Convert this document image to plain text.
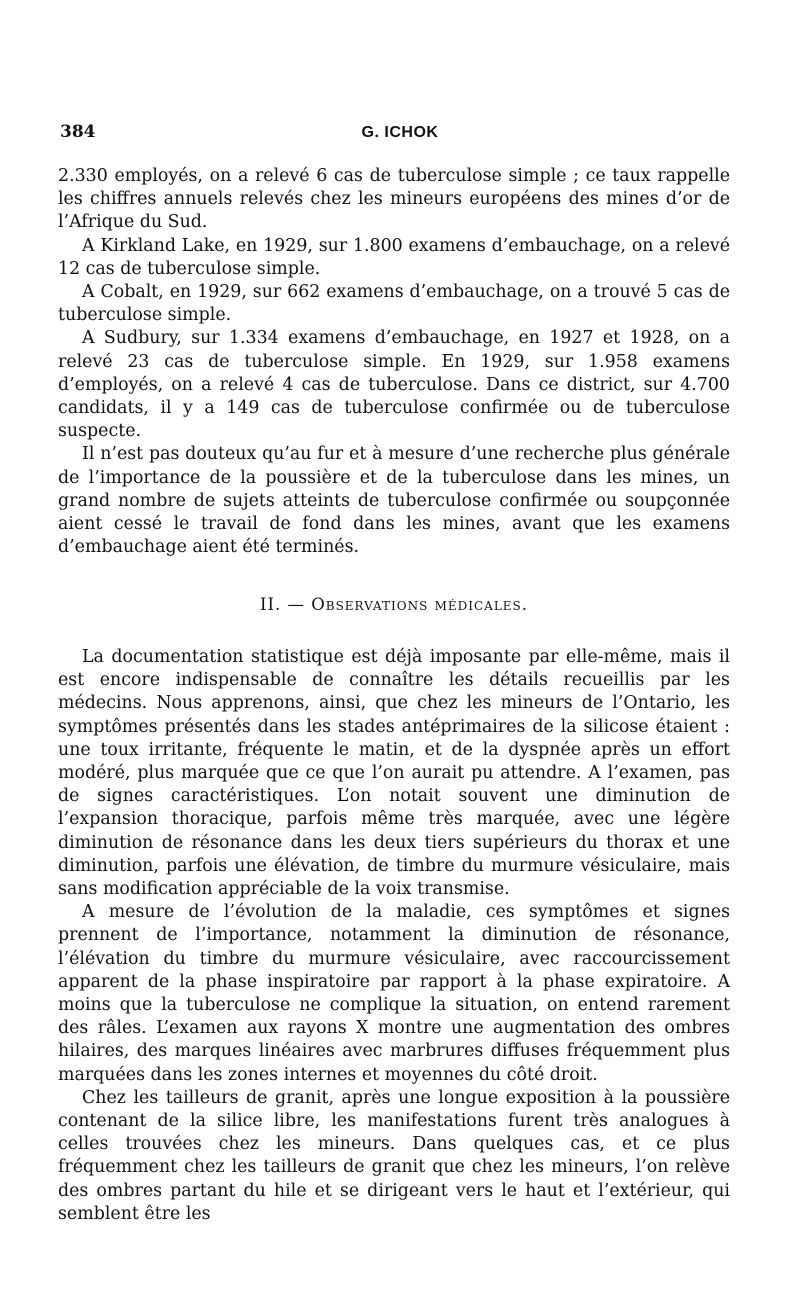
384	G. ICHOK

2.330 employés, on a relevé 6 cas de tuberculose simple ; ce taux rappelle les chiffres annuels relevés chez les mineurs européens des mines d’or de l’Afrique du Sud.

A Kirkland Lake, en 1929, sur 1.800 examens d’embauchage, on a relevé 12 cas de tuberculose simple.

A Cobalt, en 1929, sur 662 examens d’embauchage, on a trouvé 5 cas de tuberculose simple.

A Sudbury, sur 1.334 examens d’embauchage, en 1927 et 1928, on a relevé 23 cas de tuberculose simple. En 1929, sur 1.958 examens d’employés, on a relevé 4 cas de tuberculose. Dans ce district, sur 4.700 candidats, il y a 149 cas de tuberculose confirmée ou de tuberculose suspecte.

Il n’est pas douteux qu’au fur et à mesure d’une recherche plus générale de l’importance de la poussière et de la tuberculose dans les mines, un grand nombre de sujets atteints de tuberculose confirmée ou soupçonnée aient cessé le travail de fond dans les mines, avant que les examens d’embauchage aient été terminés.

II. — Observations médicales.

La documentation statistique est déjà imposante par elle-même, mais il est encore indispensable de connaître les détails recueillis par les médecins. Nous apprenons, ainsi, que chez les mineurs de l’Ontario, les symptômes présentés dans les stades antéprimaires de la silicose étaient : une toux irritante, fréquente le matin, et de la dyspnée après un effort modéré, plus marquée que ce que l’on aurait pu attendre. A l’examen, pas de signes caractéristiques. L’on notait souvent une diminution de l’expansion thoracique, parfois même très marquée, avec une légère diminution de résonance dans les deux tiers supérieurs du thorax et une diminution, parfois une élévation, de timbre du murmure vésiculaire, mais sans modification appréciable de la voix transmise.

A mesure de l’évolution de la maladie, ces symptômes et signes prennent de l’importance, notamment la diminution de résonance, l’élévation du timbre du murmure vésiculaire, avec raccourcissement apparent de la phase inspiratoire par rapport à la phase expiratoire. A moins que la tuberculose ne complique la situation, on entend rarement des râles. L’examen aux rayons X montre une augmentation des ombres hilaires, des marques linéaires avec marbrures diffuses fréquemment plus marquées dans les zones internes et moyennes du côté droit.

Chez les tailleurs de granit, après une longue exposition à la poussière contenant de la silice libre, les manifestations furent très analogues à celles trouvées chez les mineurs. Dans quelques cas, et ce plus fréquemment chez les tailleurs de granit que chez les mineurs, l’on relève des ombres partant du hile et se dirigeant vers le haut et l’extérieur, qui semblent être les
